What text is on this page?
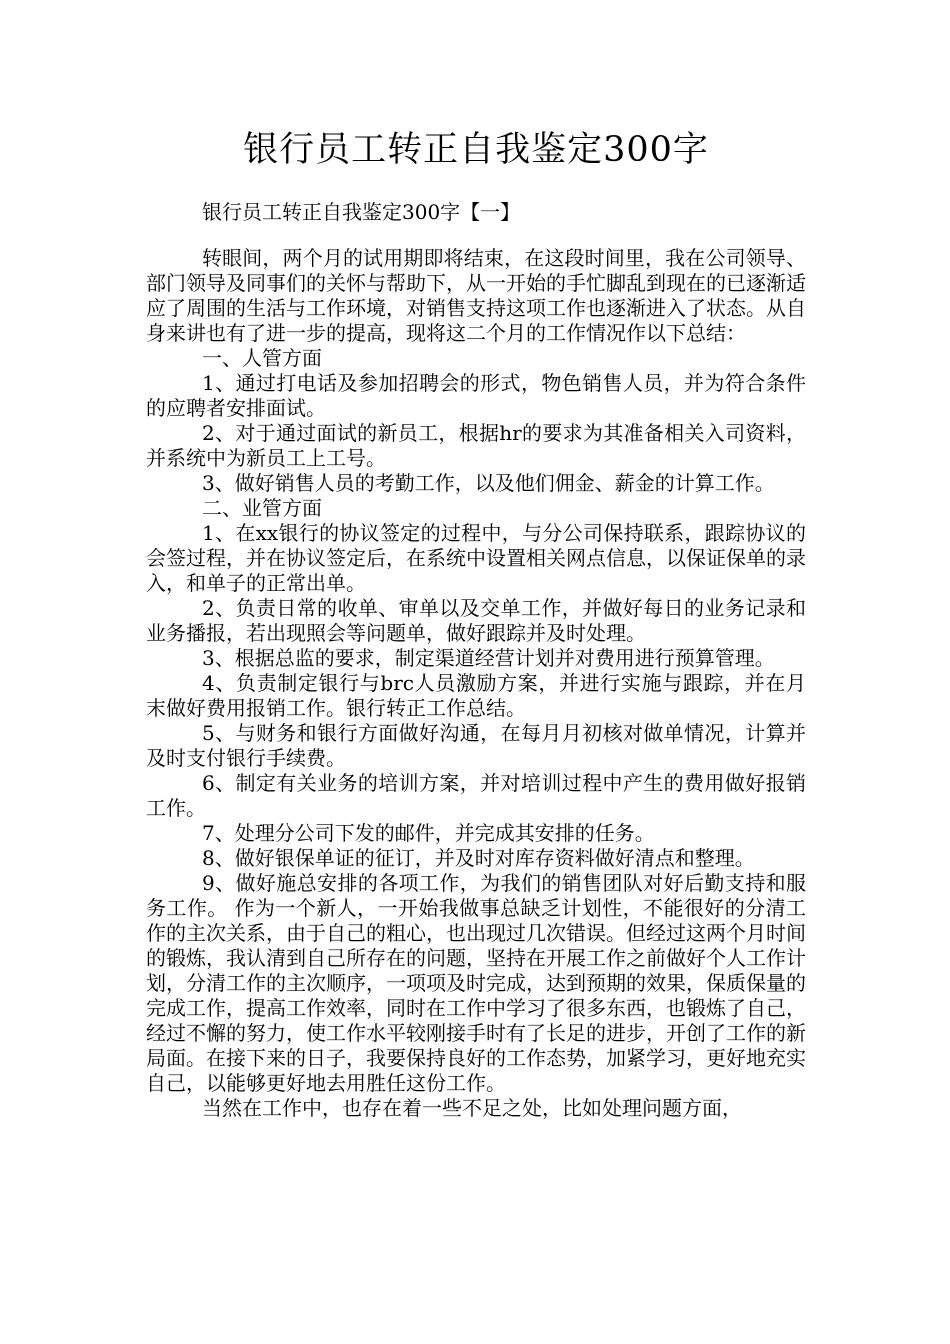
银行员工转正自我鉴定300字
银行员工转正自我鉴定300字【一】

转眼间，两个月的试用期即将结束，在这段时间里，我在公司领导、部门领导及同事们的关怀与帮助下，从一开始的手忙脚乱到现在的已逐渐适应了周围的生活与工作环境，对销售支持这项工作也逐渐进入了状态。从自身来讲也有了进一步的提高，现将这二个月的工作情况作以下总结：

一、人管方面

1、通过打电话及参加招聘会的形式，物色销售人员，并为符合条件的应聘者安排面试。

2、对于通过面试的新员工，根据hr的要求为其准备相关入司资料，并系统中为新员工上工号。

3、做好销售人员的考勤工作，以及他们佣金、薪金的计算工作。

二、业管方面

1、在xx银行的协议签定的过程中，与分公司保持联系，跟踪协议的会签过程，并在协议签定后，在系统中设置相关网点信息，以保证保单的录入，和单子的正常出单。

2、负责日常的收单、审单以及交单工作，并做好每日的业务记录和业务播报，若出现照会等问题单，做好跟踪并及时处理。

3、根据总监的要求，制定渠道经营计划并对费用进行预算管理。

4、负责制定银行与brc人员激励方案，并进行实施与跟踪，并在月末做好费用报销工作。银行转正工作总结。

5、与财务和银行方面做好沟通，在每月月初核对做单情况，计算并及时支付银行手续费。

6、制定有关业务的培训方案，并对培训过程中产生的费用做好报销工作。

7、处理分公司下发的邮件，并完成其安排的任务。

8、做好银保单证的征订，并及时对库存资料做好清点和整理。

9、做好施总安排的各项工作，为我们的销售团队对好后勤支持和服务工作。 作为一个新人，一开始我做事总缺乏计划性，不能很好的分清工作的主次关系，由于自己的粗心，也出现过几次错误。但经过这两个月时间的锻炼，我认清到自己所存在的问题，坚持在开展工作之前做好个人工作计划，分清工作的主次顺序，一项项及时完成，达到预期的效果，保质保量的完成工作，提高工作效率，同时在工作中学习了很多东西，也锻炼了自己，经过不懈的努力，使工作水平较刚接手时有了长足的进步，开创了工作的新局面。在接下来的日子，我要保持良好的工作态势，加紧学习，更好地充实自己，以能够更好地去用胜任这份工作。

当然在工作中，也存在着一些不足之处，比如处理问题方面，
